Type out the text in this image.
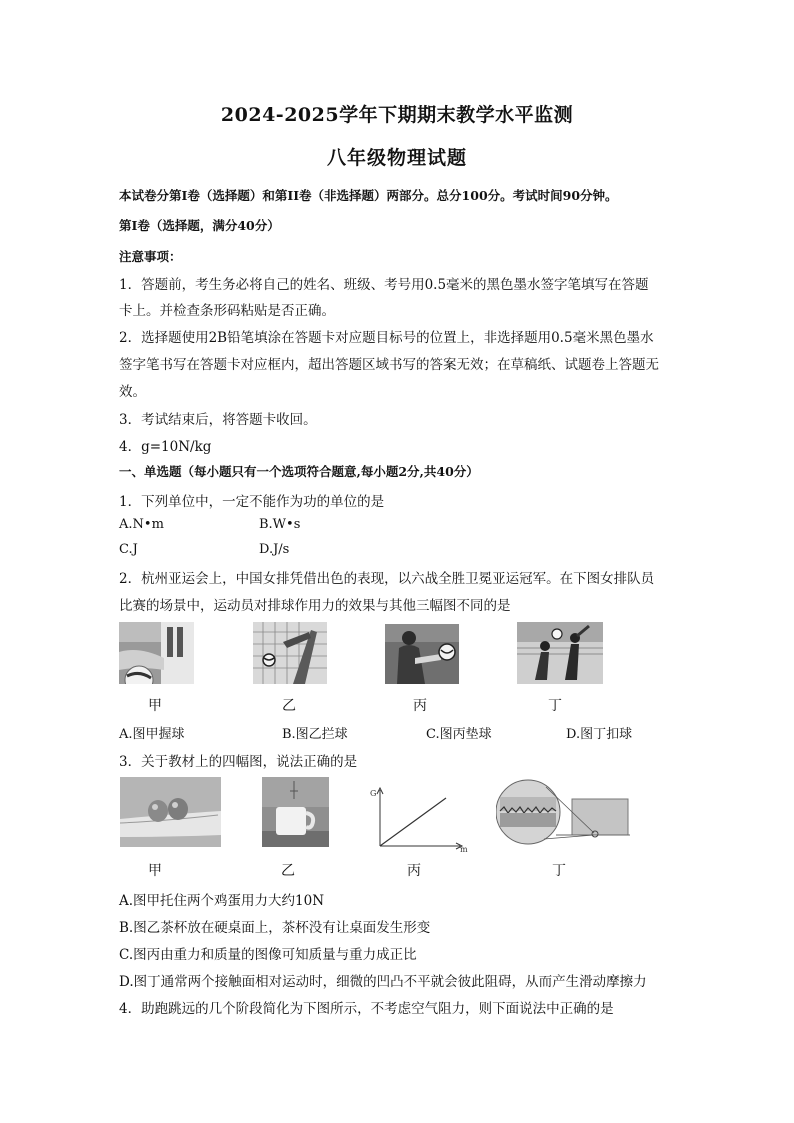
2024-2025学年下期期末教学水平监测
八年级物理试题
本试卷分第I卷（选择题）和第II卷（非选择题）两部分。总分100分。考试时间90分钟。
第I卷（选择题，满分40分）
注意事项：
1．答题前，考生务必将自己的姓名、班级、考号用0.5毫米的黑色墨水签字笔填写在答题
卡上。并检查条形码粘贴是否正确。
2．选择题使用2B铅笔填涂在答题卡对应题目标号的位置上，非选择题用0.5毫米黑色墨水
签字笔书写在答题卡对应框内，超出答题区域书写的答案无效；在草稿纸、试题卷上答题无
效。
3．考试结束后，将答题卡收回。
4．g=10N/kg
一、单选题（每小题只有一个选项符合题意,每小题2分,共40分）
1．下列单位中，一定不能作为功的单位的是
A.N•m	B.W•s
C.J	D.J/s
2．杭州亚运会上，中国女排凭借出色的表现，以六战全胜卫冕亚运冠军。在下图女排队员
比赛的场景中，运动员对排球作用力的效果与其他三幅图不同的是
甲	乙	丙	丁
A.图甲握球	B.图乙拦球	C.图丙垫球	D.图丁扣球
3．关于教材上的四幅图，说法正确的是
G
m
甲	乙	丙	丁
A.图甲托住两个鸡蛋用力大约10N
B.图乙茶杯放在硬桌面上，茶杯没有让桌面发生形变
C.图丙由重力和质量的图像可知质量与重力成正比
D.图丁通常两个接触面相对运动时，细微的凹凸不平就会彼此阻碍，从而产生滑动摩擦力
4．助跑跳远的几个阶段简化为下图所示，不考虑空气阻力，则下面说法中正确的是
